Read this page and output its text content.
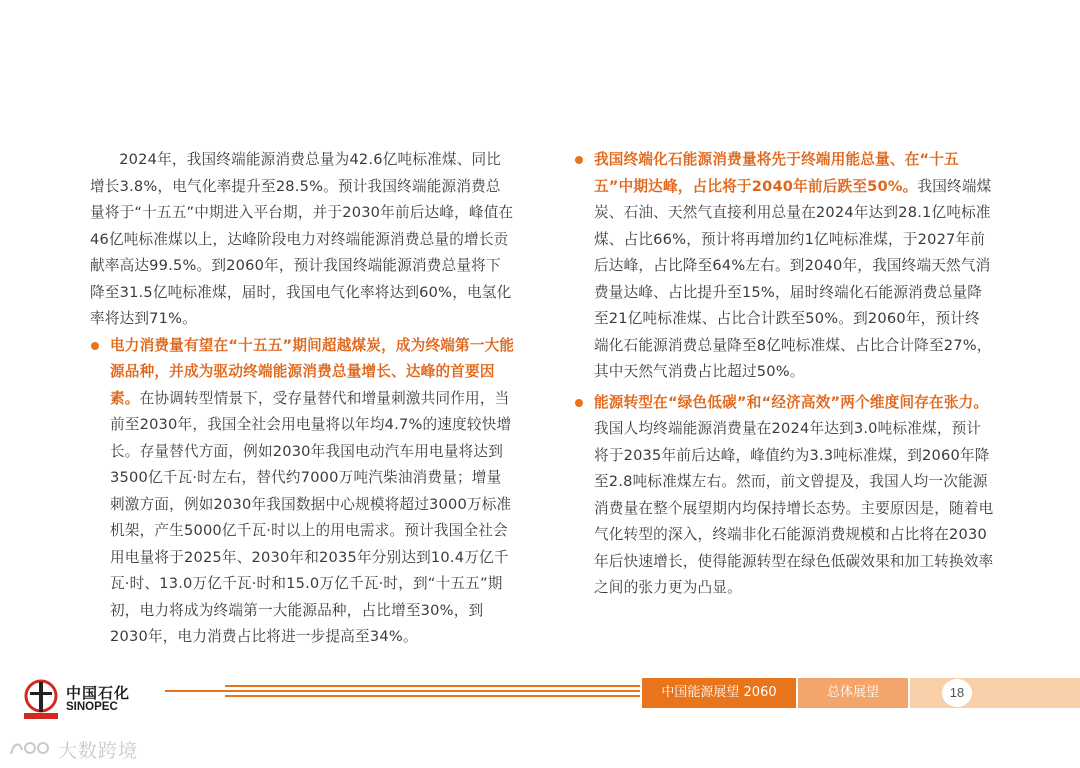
2024年，我国终端能源消费总量为42.6亿吨标准煤、同比增长3.8%，电气化率提升至28.5%。预计我国终端能源消费总量将于“十五五”中期进入平台期，并于2030年前后达峰，峰值在46亿吨标准煤以上，达峰阶段电力对终端能源消费总量的增长贡献率高达99.5%。到2060年，预计我国终端能源消费总量将下降至31.5亿吨标准煤，届时，我国电气化率将达到60%，电氢化率将达到71%。

电力消费量有望在“十五五”期间超越煤炭，成为终端第一大能源品种，并成为驱动终端能源消费总量增长、达峰的首要因素。在协调转型情景下，受存量替代和增量刺激共同作用，当前至2030年，我国全社会用电量将以年均4.7%的速度较快增长。存量替代方面，例如2030年我国电动汽车用电量将达到3500亿千瓦·时左右，替代约7000万吨汽柴油消费量；增量刺激方面，例如2030年我国数据中心规模将超过3000万标准机架，产生5000亿千瓦·时以上的用电需求。预计我国全社会用电量将于2025年、2030年和2035年分别达到10.4万亿千瓦·时、13.0万亿千瓦·时和15.0万亿千瓦·时，到“十五五”期初，电力将成为终端第一大能源品种，占比增至30%，到2030年，电力消费占比将进一步提高至34%。

我国终端化石能源消费量将先于终端用能总量、在“十五五”中期达峰，占比将于2040年前后跌至50%。我国终端煤炭、石油、天然气直接利用总量在2024年达到28.1亿吨标准煤、占比66%，预计将再增加约1亿吨标准煤，于2027年前后达峰，占比降至64%左右。到2040年，我国终端天然气消费量达峰、占比提升至15%，届时终端化石能源消费总量降至21亿吨标准煤、占比合计跌至50%。到2060年，预计终端化石能源消费总量降至8亿吨标准煤、占比合计降至27%，其中天然气消费占比超过50%。

能源转型在“绿色低碳”和“经济高效”两个维度间存在张力。我国人均终端能源消费量在2024年达到3.0吨标准煤，预计将于2035年前后达峰，峰值约为3.3吨标准煤，到2060年降至2.8吨标准煤左右。然而，前文曾提及，我国人均一次能源消费量在整个展望期内均保持增长态势。主要原因是，随着电气化转型的深入，终端非化石能源消费规模和占比将在2030年后快速增长，使得能源转型在绿色低碳效果和加工转换效率之间的张力更为凸显。

中国石化
SINOPEC
中国能源展望 2060	总体展望	18
大数跨境
